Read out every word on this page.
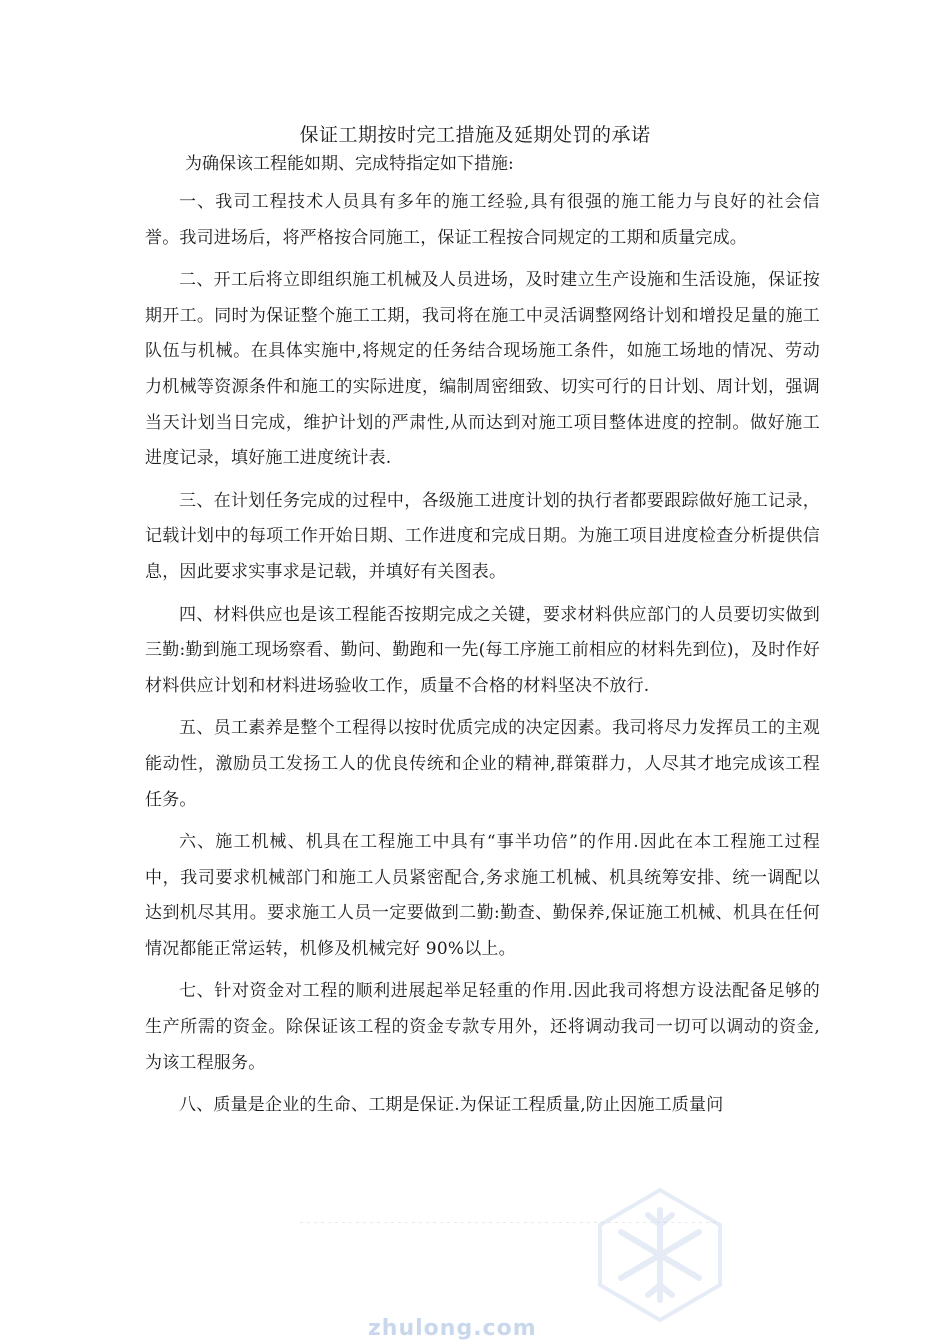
保证工期按时完工措施及延期处罚的承诺
为确保该工程能如期、完成特指定如下措施:

一、我司工程技术人员具有多年的施工经验,具有很强的施工能力与良好的社会信誉。我司进场后，将严格按合同施工，保证工程按合同规定的工期和质量完成。

二、开工后将立即组织施工机械及人员进场，及时建立生产设施和生活设施，保证按期开工。同时为保证整个施工工期，我司将在施工中灵活调整网络计划和增投足量的施工队伍与机械。在具体实施中,将规定的任务结合现场施工条件，如施工场地的情况、劳动力机械等资源条件和施工的实际进度，编制周密细致、切实可行的日计划、周计划，强调当天计划当日完成，维护计划的严肃性,从而达到对施工项目整体进度的控制。做好施工进度记录，填好施工进度统计表.

三、在计划任务完成的过程中，各级施工进度计划的执行者都要跟踪做好施工记录，记载计划中的每项工作开始日期、工作进度和完成日期。为施工项目进度检查分析提供信息，因此要求实事求是记载，并填好有关图表。

四、材料供应也是该工程能否按期完成之关键，要求材料供应部门的人员要切实做到三勤:勤到施工现场察看、勤问、勤跑和一先(每工序施工前相应的材料先到位)，及时作好材料供应计划和材料进场验收工作，质量不合格的材料坚决不放行.

五、员工素养是整个工程得以按时优质完成的决定因素。我司将尽力发挥员工的主观能动性，激励员工发扬工人的优良传统和企业的精神,群策群力，人尽其才地完成该工程任务。

六、施工机械、机具在工程施工中具有“事半功倍”的作用.因此在本工程施工过程中，我司要求机械部门和施工人员紧密配合,务求施工机械、机具统筹安排、统一调配以达到机尽其用。要求施工人员一定要做到二勤:勤查、勤保养,保证施工机械、机具在任何情况都能正常运转，机修及机械完好 90%以上。

七、针对资金对工程的顺利进展起举足轻重的作用.因此我司将想方设法配备足够的生产所需的资金。除保证该工程的资金专款专用外，还将调动我司一切可以调动的资金,为该工程服务。

八、质量是企业的生命、工期是保证.为保证工程质量,防止因施工质量问

zhulong.com
